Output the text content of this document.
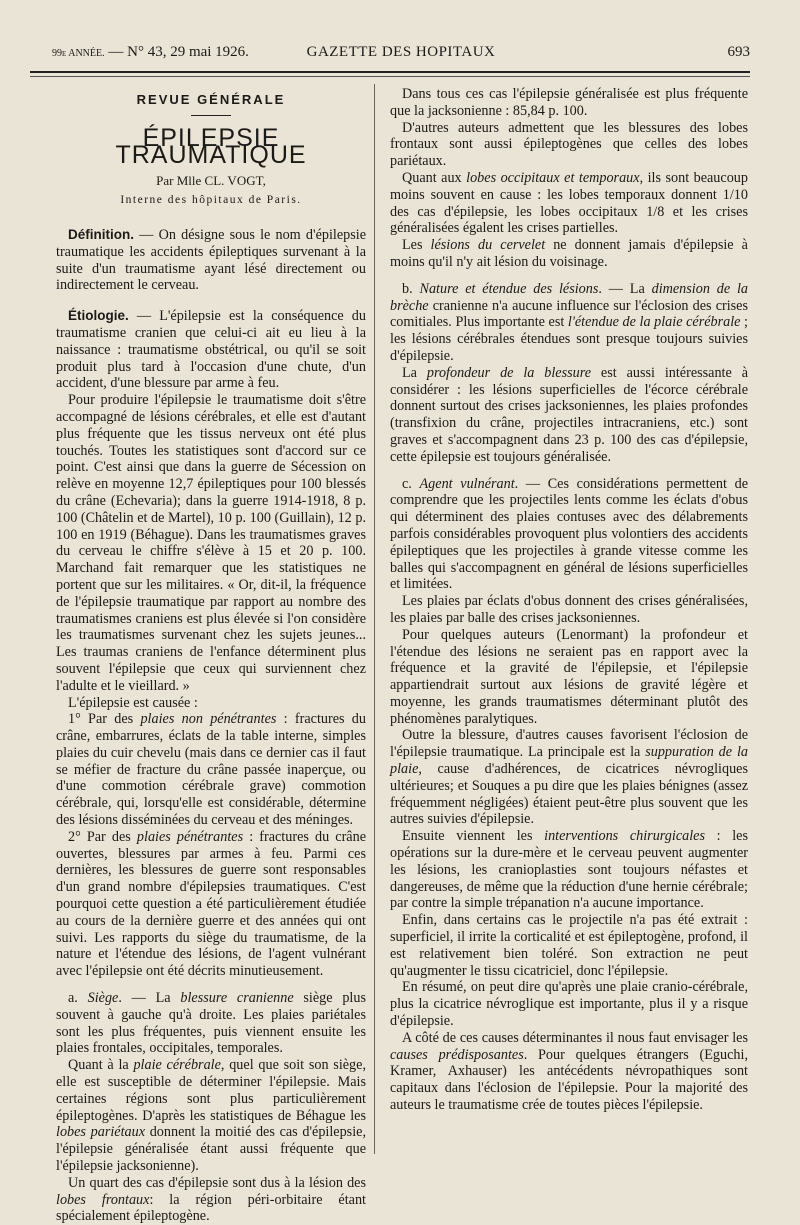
99e ANNÉE. — N° 43, 29 mai 1926.	GAZETTE DES HOPITAUX	693
REVUE GÉNÉRALE
ÉPILEPSIE TRAUMATIQUE
Par Mlle CL. VOGT,
Interne des hôpitaux de Paris.

Définition. — On désigne sous le nom d'épilepsie traumatique les accidents épileptiques survenant à la suite d'un traumatisme ayant lésé directement ou indirectement le cerveau.

Étiologie. — L'épilepsie est la conséquence du traumatisme cranien que celui-ci ait eu lieu à la naissance : traumatisme obstétrical, ou qu'il se soit produit plus tard à l'occasion d'une chute, d'un accident, d'une blessure par arme à feu.

Pour produire l'épilepsie le traumatisme doit s'être accompagné de lésions cérébrales, et elle est d'autant plus fréquente que les tissus nerveux ont été plus touchés. Toutes les statistiques sont d'accord sur ce point. C'est ainsi que dans la guerre de Sécession on relève en moyenne 12,7 épileptiques pour 100 blessés du crâne (Echevaria); dans la guerre 1914-1918, 8 p. 100 (Châtelin et de Martel), 10 p. 100 (Guillain), 12 p. 100 en 1919 (Béhague). Dans les traumatismes graves du cerveau le chiffre s'élève à 15 et 20 p. 100. Marchand fait remarquer que les statistiques ne portent que sur les militaires. « Or, dit-il, la fréquence de l'épilepsie traumatique par rapport au nombre des traumatismes craniens est plus élevée si l'on considère les traumatismes survenant chez les sujets jeunes... Les traumas craniens de l'enfance déterminent plus souvent l'épilepsie que ceux qui surviennent chez l'adulte et le vieillard. »

L'épilepsie est causée :

1° Par des plaies non pénétrantes : fractures du crâne, embarrures, éclats de la table interne, simples plaies du cuir chevelu (mais dans ce dernier cas il faut se méfier de fracture du crâne passée inaperçue, ou d'une commotion cérébrale grave) commotion cérébrale, qui, lorsqu'elle est considérable, détermine des lésions disséminées du cerveau et des méninges.

2° Par des plaies pénétrantes : fractures du crâne ouvertes, blessures par armes à feu. Parmi ces dernières, les blessures de guerre sont responsables d'un grand nombre d'épilepsies traumatiques. C'est pourquoi cette question a été particulièrement étudiée au cours de la dernière guerre et des années qui ont suivi. Les rapports du siège du traumatisme, de la nature et l'étendue des lésions, de l'agent vulnérant avec l'épilepsie ont été décrits minutieusement.

a. Siège. — La blessure cranienne siège plus souvent à gauche qu'à droite. Les plaies pariétales sont les plus fréquentes, puis viennent ensuite les plaies frontales, occipitales, temporales.

Quant à la plaie cérébrale, quel que soit son siège, elle est susceptible de déterminer l'épilepsie. Mais certaines régions sont plus particulièrement épileptogènes. D'après les statistiques de Béhague les lobes pariétaux donnent la moitié des cas d'épilepsie, l'épilepsie généralisée étant aussi fréquente que l'épilepsie jacksonienne).

Un quart des cas d'épilepsie sont dus à la lésion des lobes frontaux: la région péri-orbitaire étant spécialement épileptogène.

Dans tous ces cas l'épilepsie généralisée est plus fréquente que la jacksonienne : 85,84 p. 100.

D'autres auteurs admettent que les blessures des lobes frontaux sont aussi épileptogènes que celles des lobes pariétaux.

Quant aux lobes occipitaux et temporaux, ils sont beaucoup moins souvent en cause : les lobes temporaux donnent 1/10 des cas d'épilepsie, les lobes occipitaux 1/8 et les crises généralisées égalent les crises partielles.

Les lésions du cervelet ne donnent jamais d'épilepsie à moins qu'il n'y ait lésion du voisinage.

b. Nature et étendue des lésions. — La dimension de la brèche cranienne n'a aucune influence sur l'éclosion des crises comitiales. Plus importante est l'étendue de la plaie cérébrale ; les lésions cérébrales étendues sont presque toujours suivies d'épilepsie.

La profondeur de la blessure est aussi intéressante à considérer : les lésions superficielles de l'écorce cérébrale donnent surtout des crises jacksoniennes, les plaies profondes (transfixion du crâne, projectiles intracraniens, etc.) sont graves et s'accompagnent dans 23 p. 100 des cas d'épilepsie, cette épilepsie est toujours généralisée.

c. Agent vulnérant. — Ces considérations permettent de comprendre que les projectiles lents comme les éclats d'obus qui déterminent des plaies contuses avec des délabrements parfois considérables provoquent plus volontiers des accidents épileptiques que les projectiles à grande vitesse comme les balles qui s'accompagnent en général de lésions superficielles et limitées.

Les plaies par éclats d'obus donnent des crises généralisées, les plaies par balle des crises jacksoniennes.

Pour quelques auteurs (Lenormant) la profondeur et l'étendue des lésions ne seraient pas en rapport avec la fréquence et la gravité de l'épilepsie, et l'épilepsie appartiendrait surtout aux lésions de gravité légère et moyenne, les grands traumatismes déterminant plutôt des phénomènes paralytiques.

Outre la blessure, d'autres causes favorisent l'éclosion de l'épilepsie traumatique. La principale est la suppuration de la plaie, cause d'adhérences, de cicatrices névrogliques ultérieures; et Souques a pu dire que les plaies bénignes (assez fréquemment négligées) étaient peut-être plus souvent que les autres suivies d'épilepsie.

Ensuite viennent les interventions chirurgicales : les opérations sur la dure-mère et le cerveau peuvent augmenter les lésions, les cranioplasties sont toujours néfastes et dangereuses, de même que la réduction d'une hernie cérébrale; par contre la simple trépanation n'a aucune importance.

Enfin, dans certains cas le projectile n'a pas été extrait : superficiel, il irrite la corticalité et est épileptogène, profond, il est relativement bien toléré. Son extraction ne peut qu'augmenter le tissu cicatriciel, donc l'épilepsie.

En résumé, on peut dire qu'après une plaie cranio-cérébrale, plus la cicatrice névroglique est importante, plus il y a risque d'épilepsie.

A côté de ces causes déterminantes il nous faut envisager les causes prédisposantes. Pour quelques étrangers (Eguchi, Kramer, Axhauser) les antécédents névropathiques sont capitaux dans l'éclosion de l'épilepsie. Pour la majorité des auteurs le traumatisme crée de toutes pièces l'épilepsie.
